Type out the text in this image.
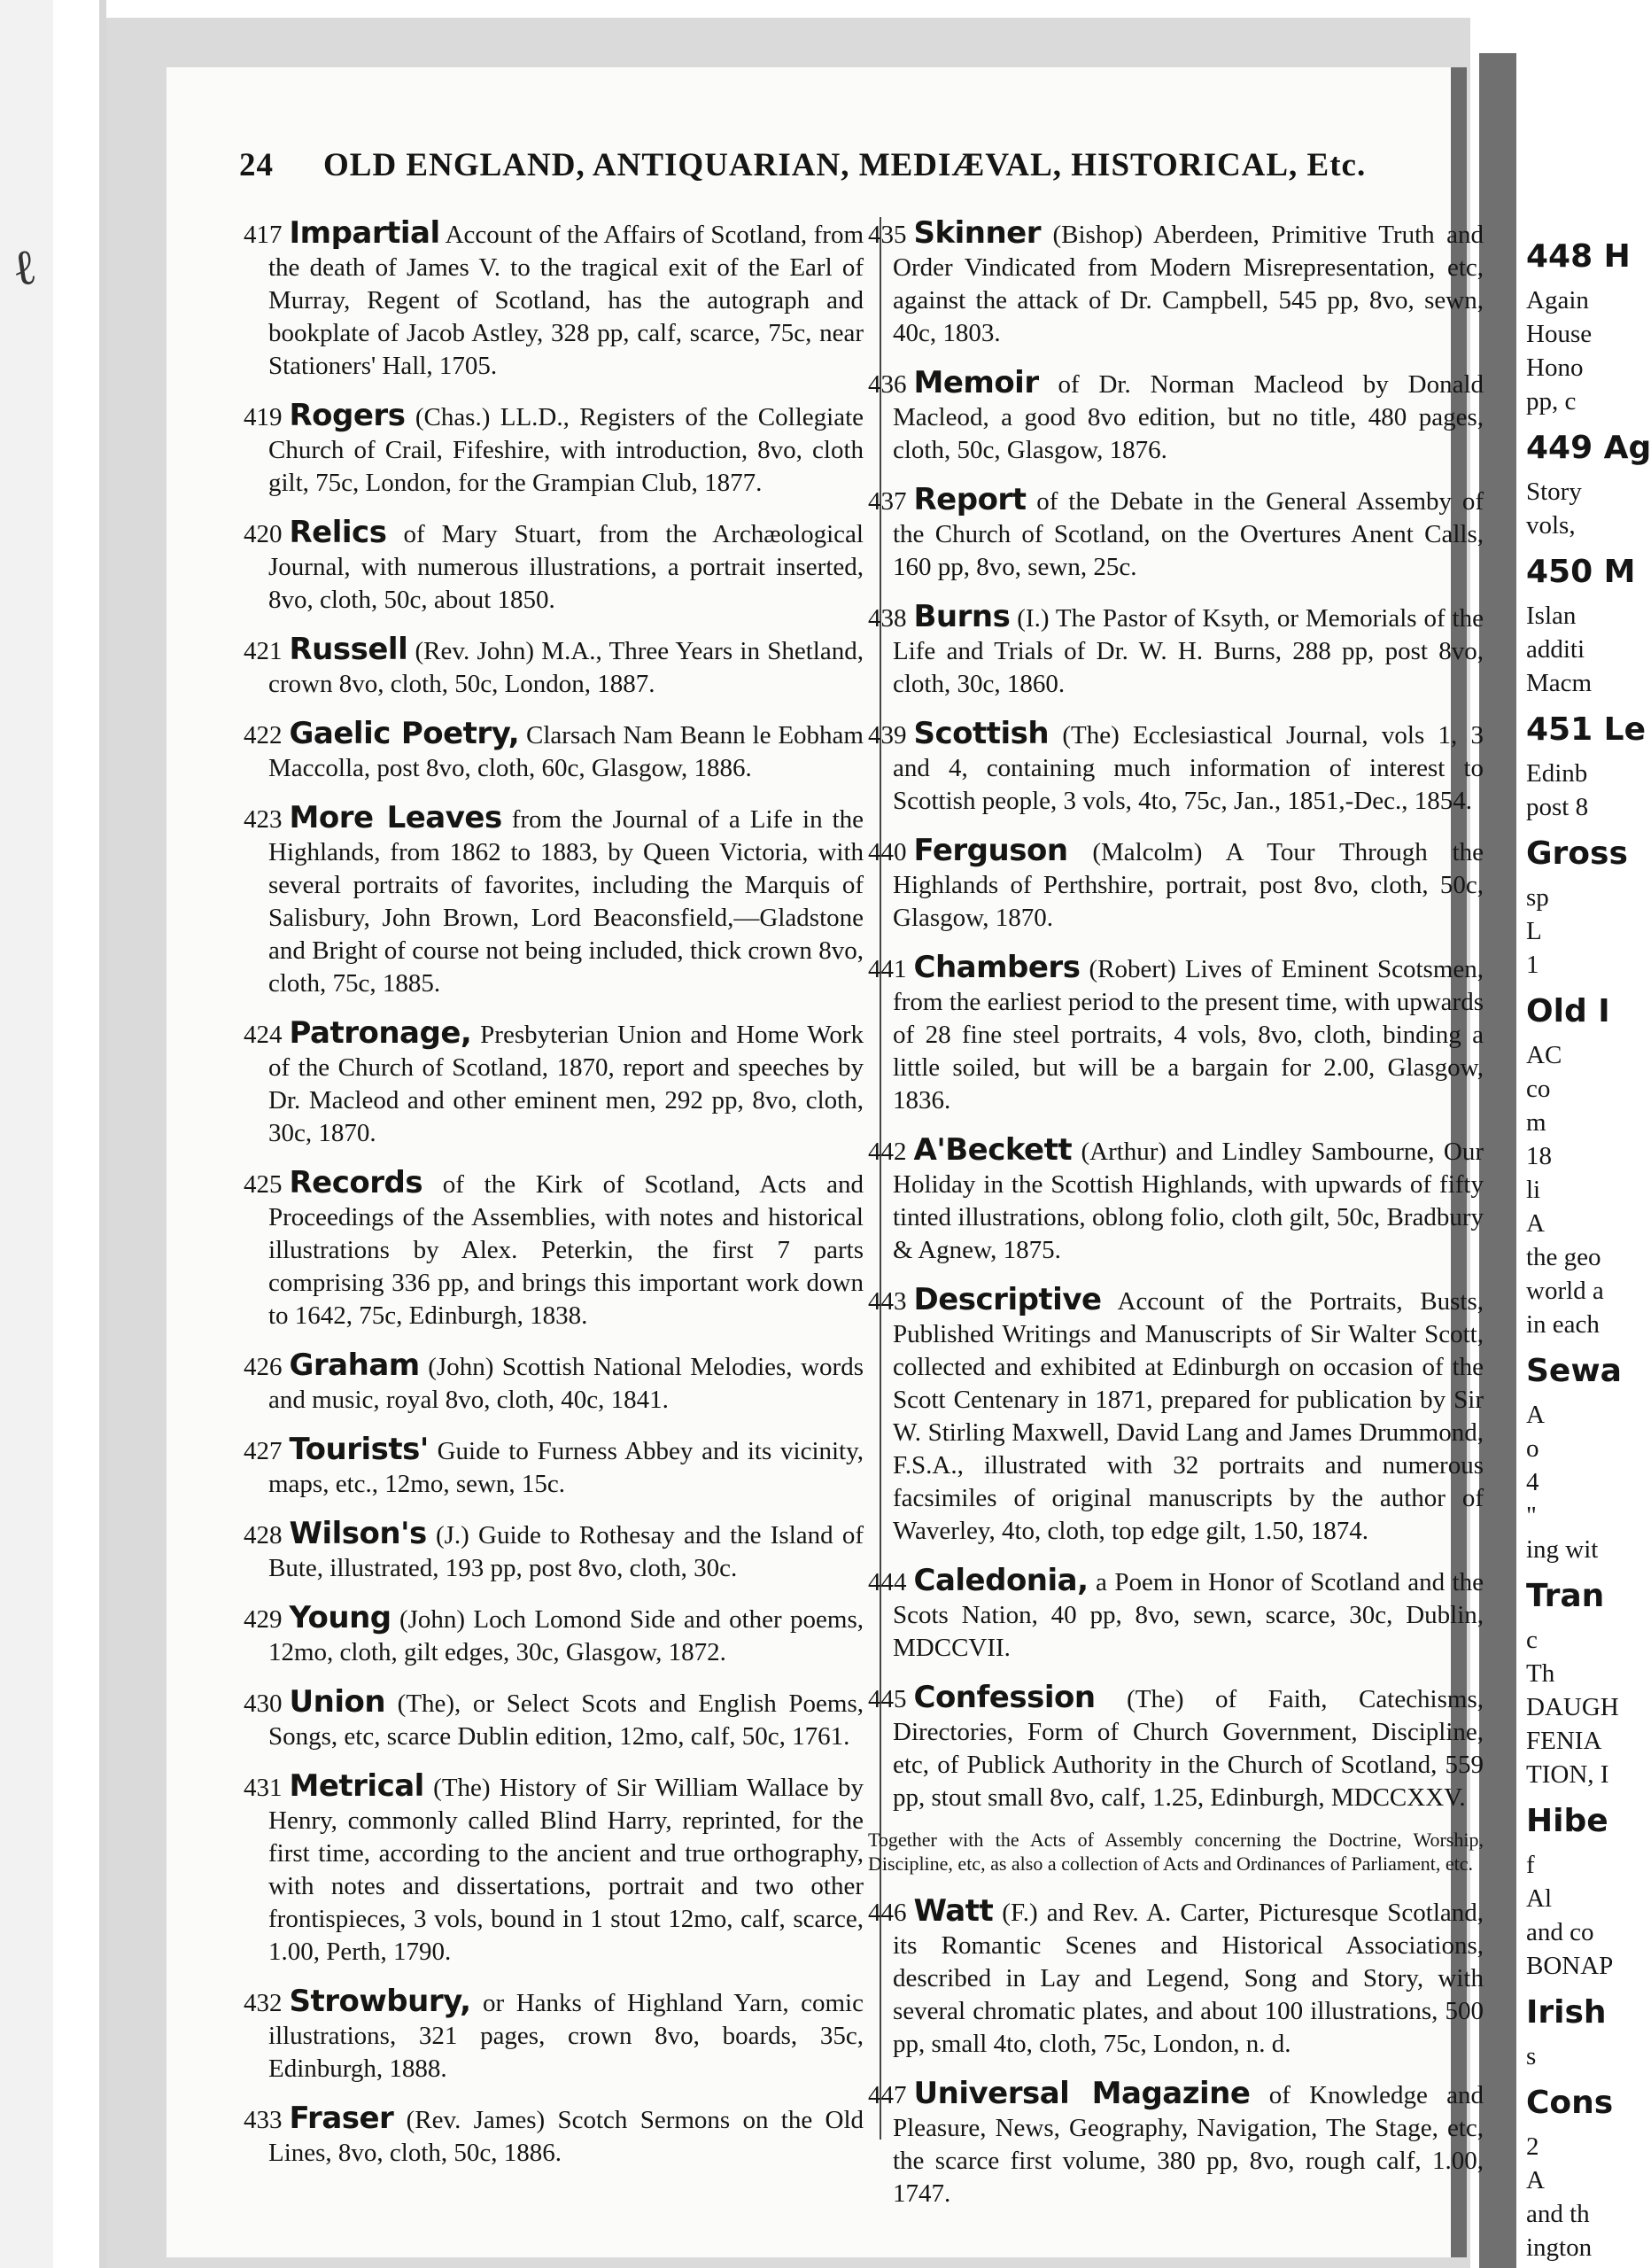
ℓ
24 OLD ENGLAND, ANTIQUARIAN, MEDIÆVAL, HISTORICAL, Etc.

417 Impartial Account of the Affairs of Scotland, from the death of James V. to the tragical exit of the Earl of Murray, Regent of Scotland, has the autograph and bookplate of Jacob Astley, 328 pp, calf, scarce, 75c, near Stationers' Hall, 1705.

419 Rogers (Chas.) LL.D., Registers of the Collegiate Church of Crail, Fifeshire, with introduction, 8vo, cloth gilt, 75c, London, for the Grampian Club, 1877.

420 Relics of Mary Stuart, from the Archæological Journal, with numerous illustrations, a portrait inserted, 8vo, cloth, 50c, about 1850.

421 Russell (Rev. John) M.A., Three Years in Shetland, crown 8vo, cloth, 50c, London, 1887.

422 Gaelic Poetry, Clarsach Nam Beann le Eobham Maccolla, post 8vo, cloth, 60c, Glasgow, 1886.

423 More Leaves from the Journal of a Life in the Highlands, from 1862 to 1883, by Queen Victoria, with several portraits of favorites, including the Marquis of Salisbury, John Brown, Lord Beaconsfield,—Gladstone and Bright of course not being included, thick crown 8vo, cloth, 75c, 1885.

424 Patronage, Presbyterian Union and Home Work of the Church of Scotland, 1870, report and speeches by Dr. Macleod and other eminent men, 292 pp, 8vo, cloth, 30c, 1870.

425 Records of the Kirk of Scotland, Acts and Proceedings of the Assemblies, with notes and historical illustrations by Alex. Peterkin, the first 7 parts comprising 336 pp, and brings this important work down to 1642, 75c, Edinburgh, 1838.

426 Graham (John) Scottish National Melodies, words and music, royal 8vo, cloth, 40c, 1841.

427 Tourists' Guide to Furness Abbey and its vicinity, maps, etc., 12mo, sewn, 15c.

428 Wilson's (J.) Guide to Rothesay and the Island of Bute, illustrated, 193 pp, post 8vo, cloth, 30c.

429 Young (John) Loch Lomond Side and other poems, 12mo, cloth, gilt edges, 30c, Glasgow, 1872.

430 Union (The), or Select Scots and English Poems, Songs, etc, scarce Dublin edition, 12mo, calf, 50c, 1761.

431 Metrical (The) History of Sir William Wallace by Henry, commonly called Blind Harry, reprinted, for the first time, according to the ancient and true orthography, with notes and dissertations, portrait and two other frontispieces, 3 vols, bound in 1 stout 12mo, calf, scarce, 1.00, Perth, 1790.

432 Strowbury, or Hanks of Highland Yarn, comic illustrations, 321 pages, crown 8vo, boards, 35c, Edinburgh, 1888.

433 Fraser (Rev. James) Scotch Sermons on the Old Lines, 8vo, cloth, 50c, 1886.

435 Skinner (Bishop) Aberdeen, Primitive Truth and Order Vindicated from Modern Misrepresentation, etc, against the attack of Dr. Campbell, 545 pp, 8vo, sewn, 40c, 1803.

436 Memoir of Dr. Norman Macleod by Donald Macleod, a good 8vo edition, but no title, 480 pages, cloth, 50c, Glasgow, 1876.

437 Report of the Debate in the General Assemby of the Church of Scotland, on the Overtures Anent Calls, 160 pp, 8vo, sewn, 25c.

438 Burns (I.) The Pastor of Ksyth, or Memorials of the Life and Trials of Dr. W. H. Burns, 288 pp, post 8vo, cloth, 30c, 1860.

439 Scottish (The) Ecclesiastical Journal, vols 1, 3 and 4, containing much information of interest to Scottish people, 3 vols, 4to, 75c, Jan., 1851,-Dec., 1854.

440 Ferguson (Malcolm) A Tour Through the Highlands of Perthshire, portrait, post 8vo, cloth, 50c, Glasgow, 1870.

441 Chambers (Robert) Lives of Eminent Scotsmen, from the earliest period to the present time, with upwards of 28 fine steel portraits, 4 vols, 8vo, cloth, binding a little soiled, but will be a bargain for 2.00, Glasgow, 1836.

442 A'Beckett (Arthur) and Lindley Sambourne, Our Holiday in the Scottish Highlands, with upwards of fifty tinted illustrations, oblong folio, cloth gilt, 50c, Bradbury & Agnew, 1875.

443 Descriptive Account of the Portraits, Busts, Published Writings and Manuscripts of Sir Walter Scott, collected and exhibited at Edinburgh on occasion of the Scott Centenary in 1871, prepared for publication by Sir W. Stirling Maxwell, David Lang and James Drummond, F.S.A., illustrated with 32 portraits and numerous facsimiles of original manuscripts by the author of Waverley, 4to, cloth, top edge gilt, 1.50, 1874.

444 Caledonia, a Poem in Honor of Scotland and the Scots Nation, 40 pp, 8vo, sewn, scarce, 30c, Dublin, MDCCVII.

445 Confession (The) of Faith, Catechisms, Directories, Form of Church Government, Discipline, etc, of Publick Authority in the Church of Scotland, 559 pp, stout small 8vo, calf, 1.25, Edinburgh, MDCCXXV.

Together with the Acts of Assembly concerning the Doctrine, Worship, Discipline, etc, as also a collection of Acts and Ordinances of Parliament, etc.

446 Watt (F.) and Rev. A. Carter, Picturesque Scotland, its Romantic Scenes and Historical Associations, described in Lay and Legend, Song and Story, with several chromatic plates, and about 100 illustrations, 500 pp, small 4to, cloth, 75c, London, n. d.

447 Universal Magazine of Knowledge and Pleasure, News, Geography, Navigation, The Stage, etc, the scarce first volume, 380 pp, 8vo, rough calf, 1.00, 1747.

448 H
Again
House
Hono
pp, c
449 Ag
Story
vols,
450 M
Islan
additi
Macm
451 Le
Edinb
post 8
Gross
sp
L
1
Old I
AC
co
m
18
li
A
the geo
world a
in each
Sewa
A
o
4
"
ing wit
Tran
c
Th
DAUGH
FENIA
TION, I
Hibe
f
Al
and co
BONAP
Irish
s
Cons
2
A
and th
ington
